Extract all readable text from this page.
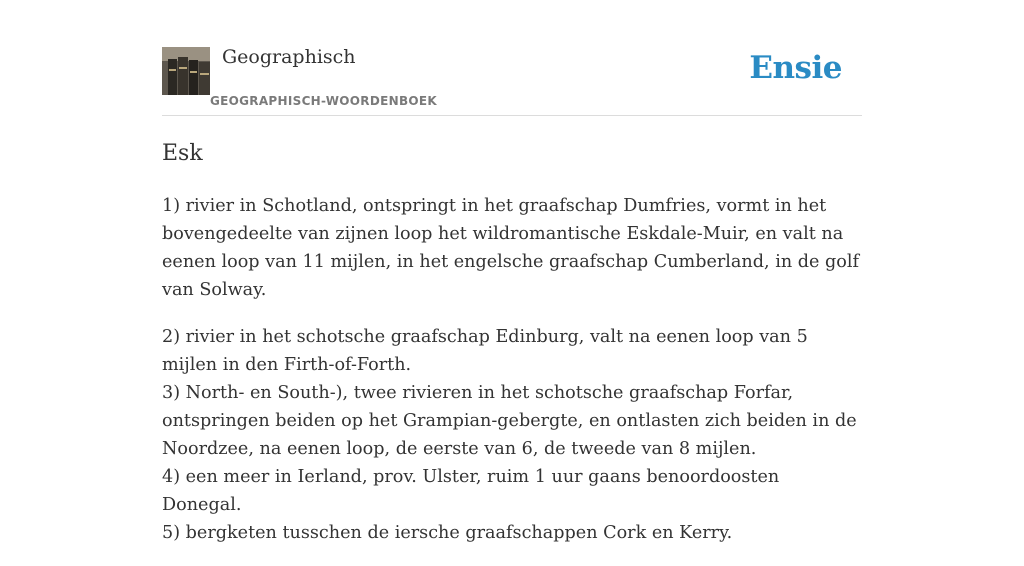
Geographisch
GEOGRAPHISCH-WOORDENBOEK
Ensie
Esk

1) rivier in Schotland, ontspringt in het graafschap Dumfries, vormt in het bovengedeelte van zijnen loop het wildromantische Eskdale-Muir, en valt na eenen loop van 11 mijlen, in het engelsche graafschap Cumberland, in de golf van Solway.

2) rivier in het schotsche graafschap Edinburg, valt na eenen loop van 5 mijlen in den Firth-of-Forth.
3) North- en South-), twee rivieren in het schotsche graafschap Forfar, ontspringen beiden op het Grampian-gebergte, en ontlasten zich beiden in de Noordzee, na eenen loop, de eerste van 6, de tweede van 8 mijlen.
4) een meer in Ierland, prov. Ulster, ruim 1 uur gaans benoordoosten Donegal.
5) bergketen tusschen de iersche graafschappen Cork en Kerry.
